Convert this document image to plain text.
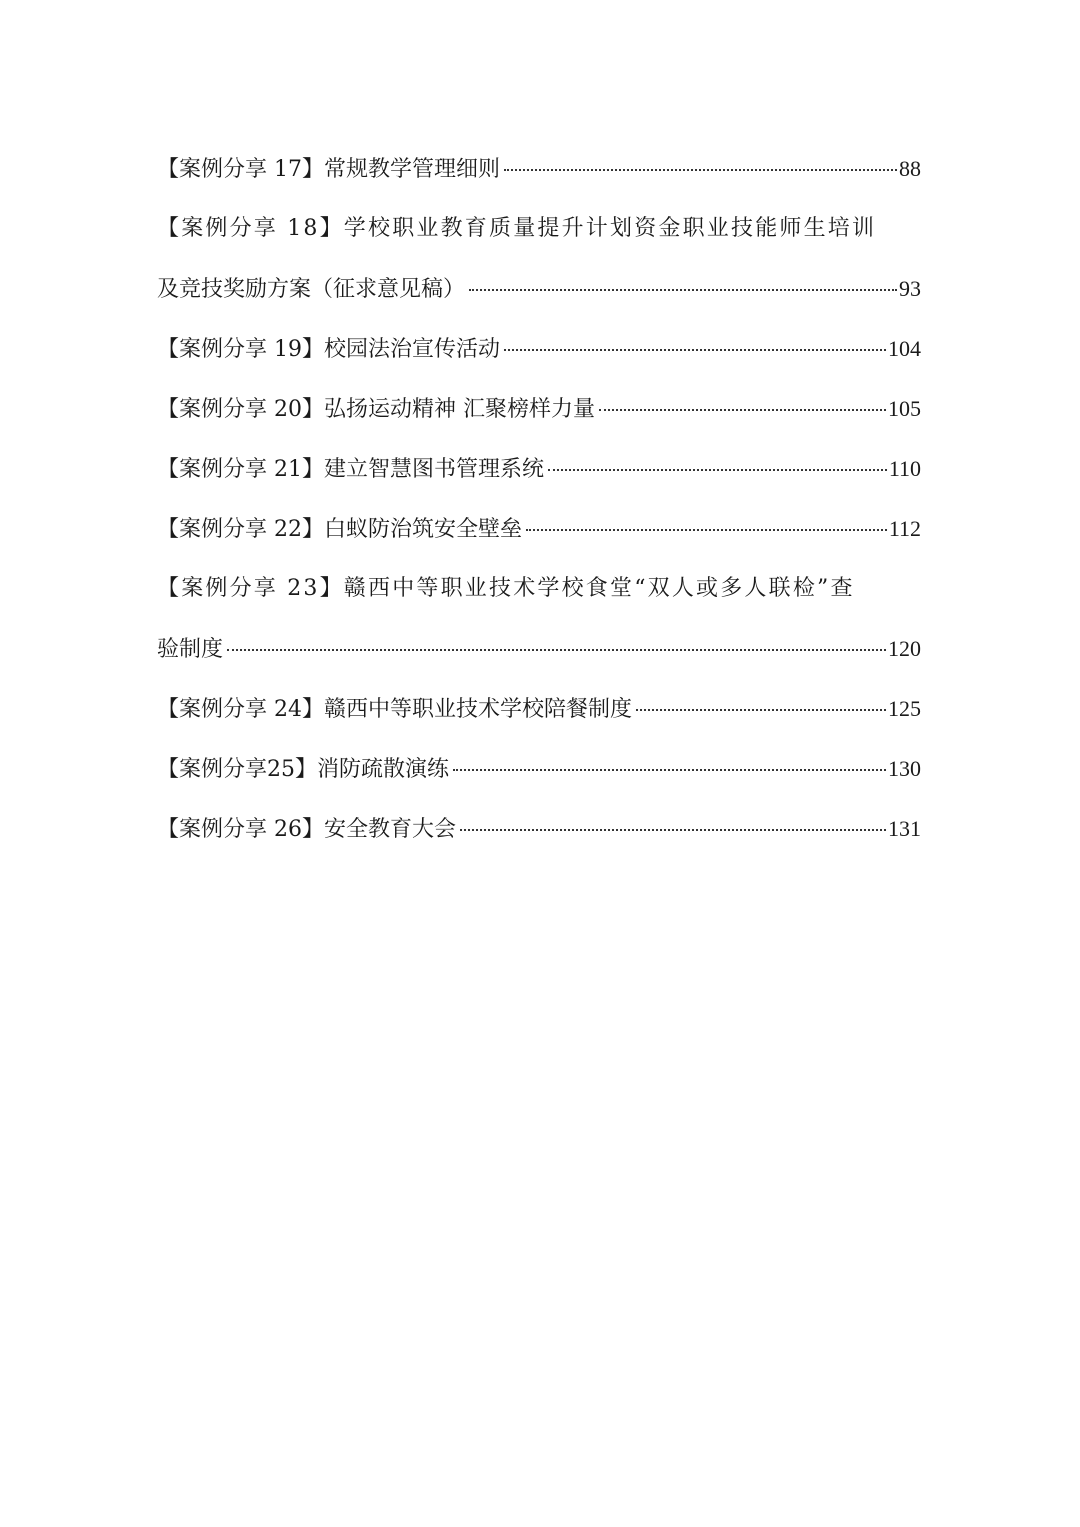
【案例分享 17】常规教学管理细则	88
【案例分享 18】学校职业教育质量提升计划资金职业技能师生培训
及竞技奖励方案（征求意见稿）	93
【案例分享 19】校园法治宣传活动	104
【案例分享 20】弘扬运动精神 汇聚榜样力量	105
【案例分享 21】建立智慧图书管理系统	110
【案例分享 22】白蚁防治筑安全壁垒	112
【案例分享 23】赣西中等职业技术学校食堂“双人或多人联检”查
验制度	120
【案例分享 24】赣西中等职业技术学校陪餐制度	125
【案例分享25】消防疏散演练	130
【案例分享 26】安全教育大会	131
